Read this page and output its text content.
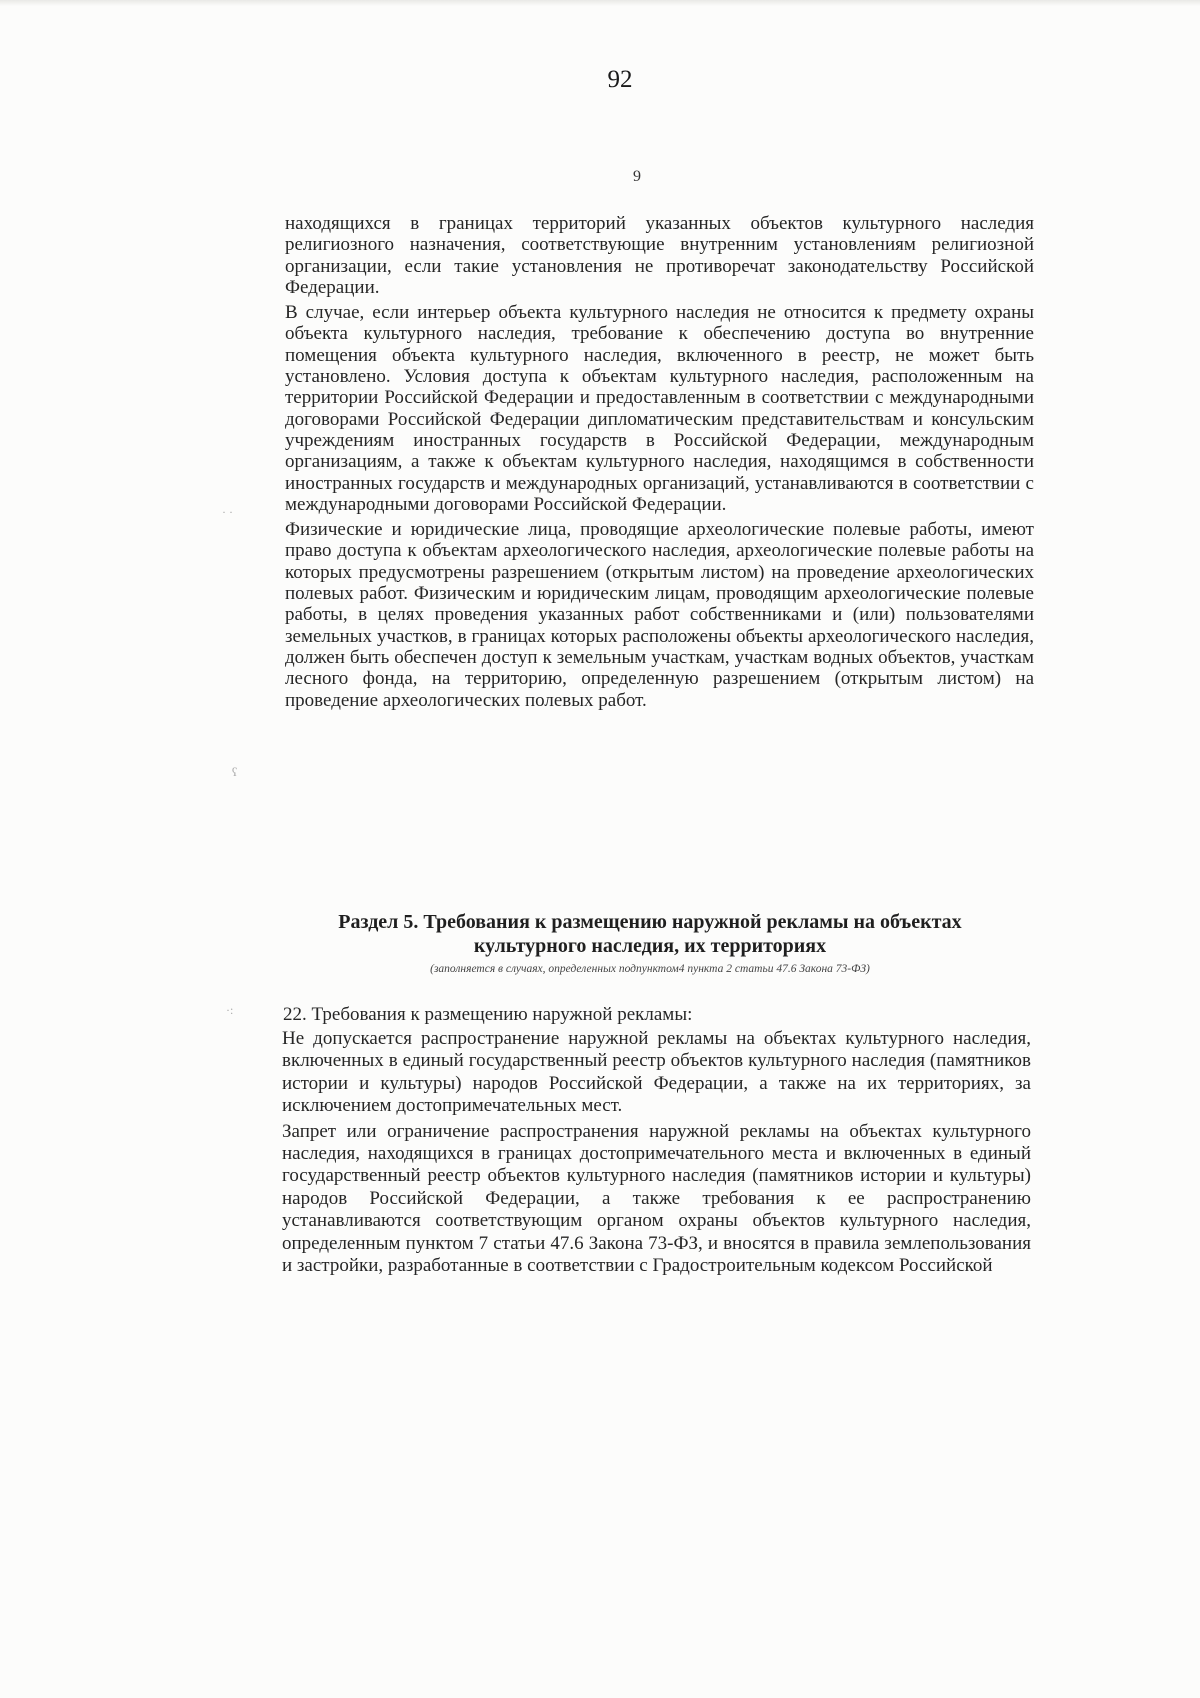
92
9
· ·
ʕ
·:

находящихся в границах территорий указанных объектов культурного наследия религиозного назначения, соответствующие внутренним установлениям религиозной организации, если такие установления не противоречат законодательству Российской Федерации.

В случае, если интерьер объекта культурного наследия не относится к предмету охраны объекта культурного наследия, требование к обеспечению доступа во внутренние помещения объекта культурного наследия, включенного в реестр, не может быть установлено. Условия доступа к объектам культурного наследия, расположенным на территории Российской Федерации и предоставленным в соответствии с международными договорами Российской Федерации дипломатическим представительствам и консульским учреждениям иностранных государств в Российской Федерации, международным организациям, а также к объектам культурного наследия, находящимся в собственности иностранных государств и международных организаций, устанавливаются в соответствии с международными договорами Российской Федерации.

Физические и юридические лица, проводящие археологические полевые работы, имеют право доступа к объектам археологического наследия, археологические полевые работы на которых предусмотрены разрешением (открытым листом) на проведение археологических полевых работ. Физическим и юридическим лицам, проводящим археологические полевые работы, в целях проведения указанных работ собственниками и (или) пользователями земельных участков, в границах которых расположены объекты археологического наследия, должен быть обеспечен доступ к земельным участкам, участкам водных объектов, участкам лесного фонда, на территорию, определенную разрешением (открытым листом) на проведение археологических полевых работ.

Раздел 5. Требования к размещению наружной рекламы на объектах
культурного наследия, их территориях
(заполняется в случаях, определенных подпунктом4 пункта 2 статьи 47.6 Закона 73-ФЗ)
22. Требования к размещению наружной рекламы:

Не допускается распространение наружной рекламы на объектах культурного наследия, включенных в единый государственный реестр объектов культурного наследия (памятников истории и культуры) народов Российской Федерации, а также на их территориях, за исключением достопримечательных мест.

Запрет или ограничение распространения наружной рекламы на объектах культурного наследия, находящихся в границах достопримечательного места и включенных в единый государственный реестр объектов культурного наследия (памятников истории и культуры) народов Российской Федерации, а также требования к ее распространению устанавливаются соответствующим органом охраны объектов культурного наследия, определенным пунктом 7 статьи 47.6 Закона 73-ФЗ, и вносятся в правила землепользования и застройки, разработанные в соответствии с Градостроительным кодексом Российской
